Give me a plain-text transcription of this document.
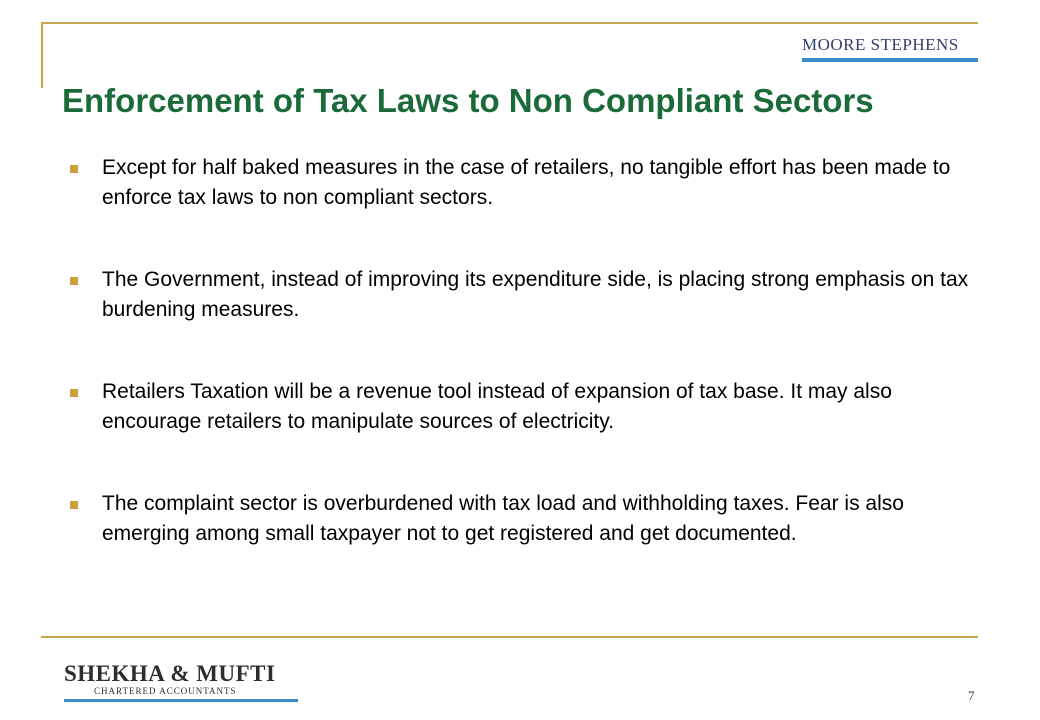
MOORE STEPHENS
Enforcement of Tax Laws to Non Compliant Sectors
Except for half baked measures in the case of retailers, no tangible effort has been made to enforce tax laws to non compliant sectors.
The Government, instead of improving its expenditure side, is placing strong emphasis on tax burdening measures.
Retailers Taxation will be a revenue tool instead of expansion of tax base. It may also encourage retailers to manipulate sources of electricity.
The complaint sector is overburdened with tax load and withholding taxes. Fear is also emerging among small taxpayer not to get registered and get documented.
SHEKHA & MUFTI
CHARTERED ACCOUNTANTS	7
